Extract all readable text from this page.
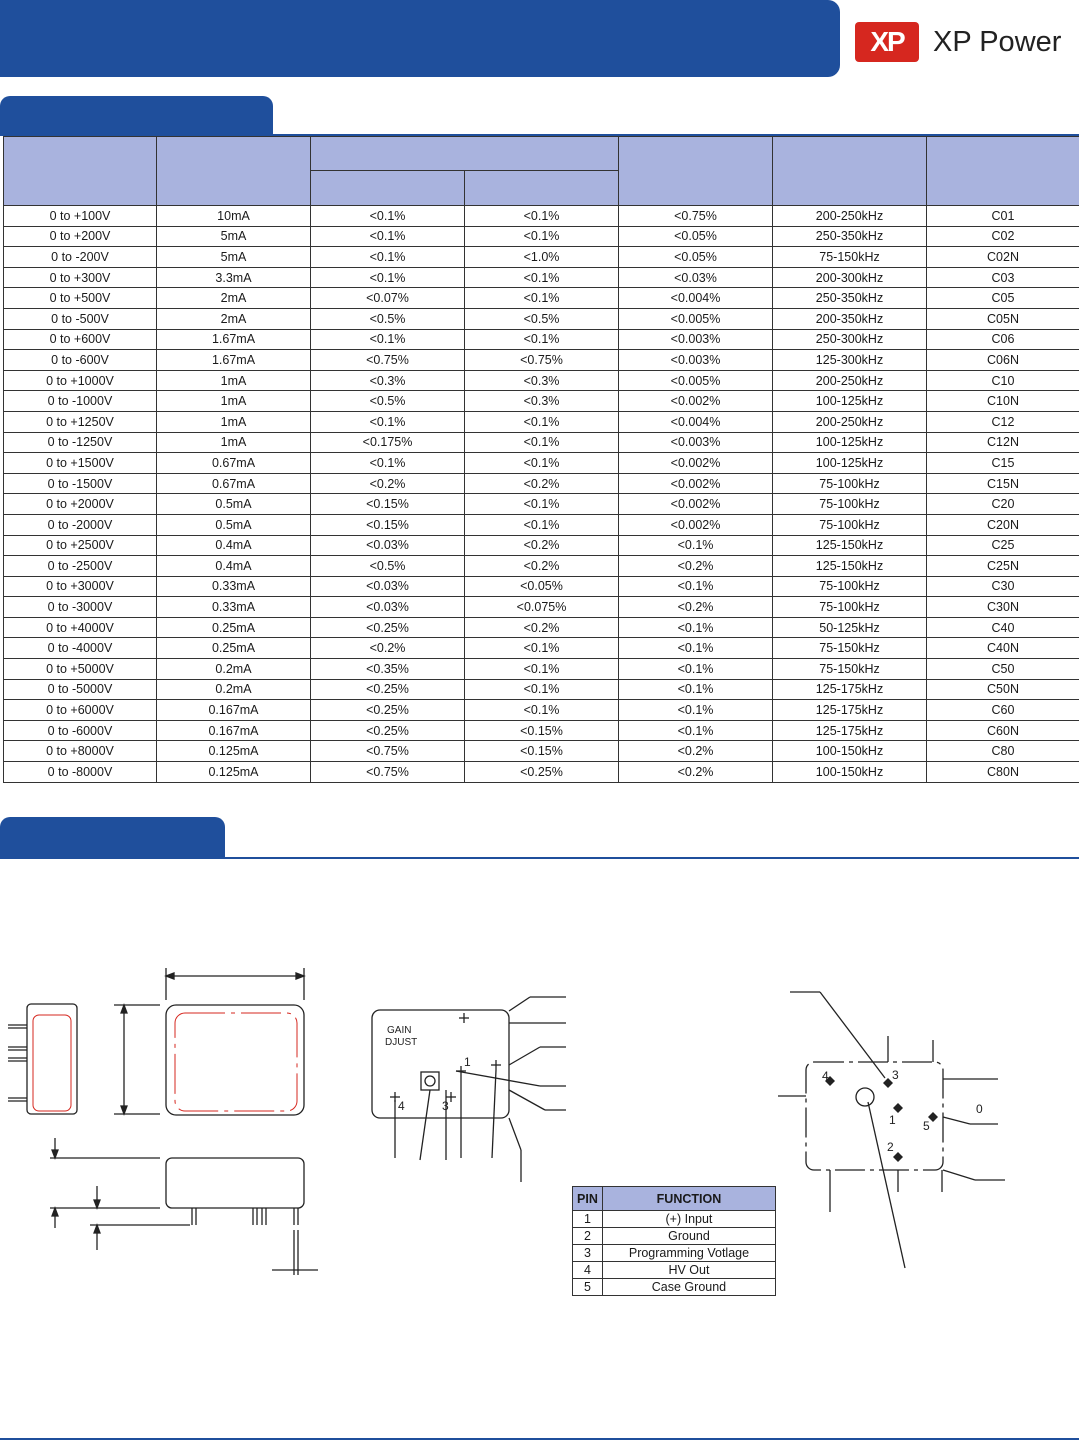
XP	XP Power

0 to +100V	10mA	<0.1%	<0.1%	<0.75%	200-250kHz	C01
0 to +200V	5mA	<0.1%	<0.1%	<0.05%	250-350kHz	C02
0 to -200V	5mA	<0.1%	<1.0%	<0.05%	75-150kHz	C02N
0 to +300V	3.3mA	<0.1%	<0.1%	<0.03%	200-300kHz	C03
0 to +500V	2mA	<0.07%	<0.1%	<0.004%	250-350kHz	C05
0 to -500V	2mA	<0.5%	<0.5%	<0.005%	200-350kHz	C05N
0 to +600V	1.67mA	<0.1%	<0.1%	<0.003%	250-300kHz	C06
0 to -600V	1.67mA	<0.75%	<0.75%	<0.003%	125-300kHz	C06N
0 to +1000V	1mA	<0.3%	<0.3%	<0.005%	200-250kHz	C10
0 to -1000V	1mA	<0.5%	<0.3%	<0.002%	100-125kHz	C10N
0 to +1250V	1mA	<0.1%	<0.1%	<0.004%	200-250kHz	C12
0 to -1250V	1mA	<0.175%	<0.1%	<0.003%	100-125kHz	C12N
0 to +1500V	0.67mA	<0.1%	<0.1%	<0.002%	100-125kHz	C15
0 to -1500V	0.67mA	<0.2%	<0.2%	<0.002%	75-100kHz	C15N
0 to +2000V	0.5mA	<0.15%	<0.1%	<0.002%	75-100kHz	C20
0 to -2000V	0.5mA	<0.15%	<0.1%	<0.002%	75-100kHz	C20N
0 to +2500V	0.4mA	<0.03%	<0.2%	<0.1%	125-150kHz	C25
0 to -2500V	0.4mA	<0.5%	<0.2%	<0.2%	125-150kHz	C25N
0 to +3000V	0.33mA	<0.03%	<0.05%	<0.1%	75-100kHz	C30
0 to -3000V	0.33mA	<0.03%	<0.075%	<0.2%	75-100kHz	C30N
0 to +4000V	0.25mA	<0.25%	<0.2%	<0.1%	50-125kHz	C40
0 to -4000V	0.25mA	<0.2%	<0.1%	<0.1%	75-150kHz	C40N
0 to +5000V	0.2mA	<0.35%	<0.1%	<0.1%	75-150kHz	C50
0 to -5000V	0.2mA	<0.25%	<0.1%	<0.1%	125-175kHz	C50N
0 to +6000V	0.167mA	<0.25%	<0.1%	<0.1%	125-175kHz	C60
0 to -6000V	0.167mA	<0.25%	<0.15%	<0.1%	125-175kHz	C60N
0 to +8000V	0.125mA	<0.75%	<0.15%	<0.2%	100-150kHz	C80
0 to -8000V	0.125mA	<0.75%	<0.25%	<0.2%	100-150kHz	C80N
GAIN
DJUST
1
4	3
4	3
1
2
5
0
PIN	FUNCTION
1	(+) Input
2	Ground
3	Programming Votlage
4	HV Out
5	Case Ground
